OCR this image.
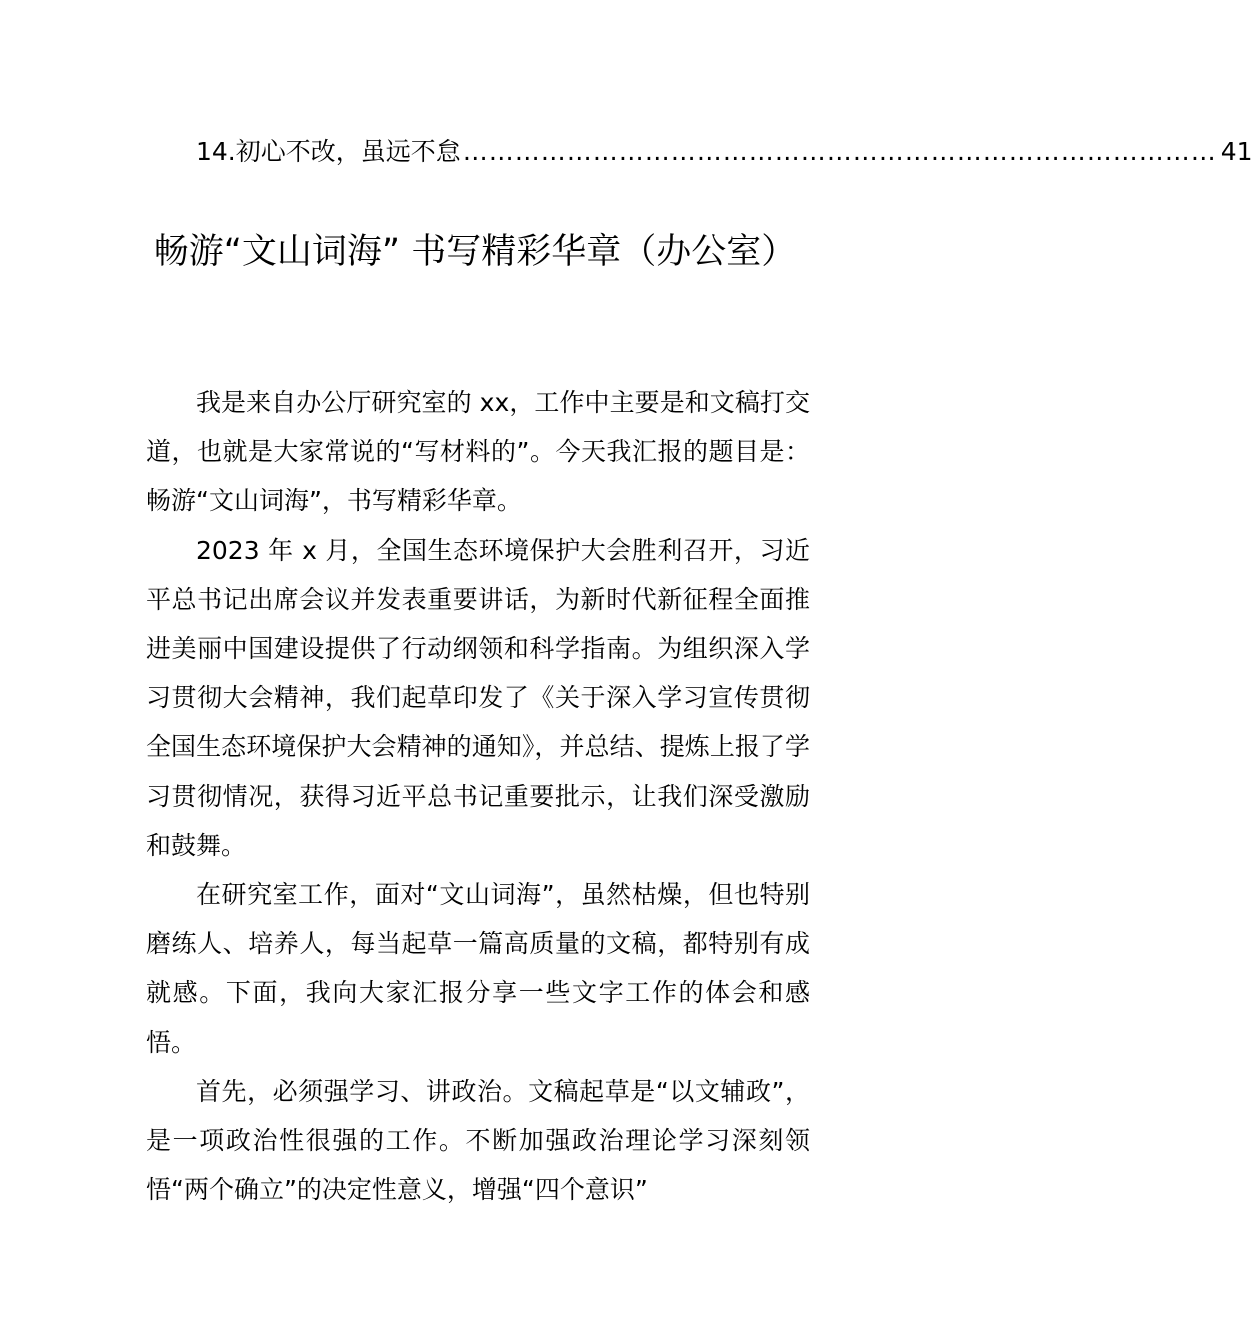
14.初心不改，虽远不怠 …………………………………………………………………………… 41
畅游“文山词海” 书写精彩华章（办公室）

我是来自办公厅研究室的 xx，工作中主要是和文稿打交道，也就是大家常说的“写材料的”。今天我汇报的题目是：畅游“文山词海”，书写精彩华章。

2023 年 x 月，全国生态环境保护大会胜利召开，习近平总书记出席会议并发表重要讲话，为新时代新征程全面推进美丽中国建设提供了行动纲领和科学指南。为组织深入学习贯彻大会精神，我们起草印发了《关于深入学习宣传贯彻全国生态环境保护大会精神的通知》，并总结、提炼上报了学习贯彻情况，获得习近平总书记重要批示，让我们深受激励和鼓舞。

在研究室工作，面对“文山词海”，虽然枯燥，但也特别磨练人、培养人，每当起草一篇高质量的文稿，都特别有成就感。下面，我向大家汇报分享一些文字工作的体会和感悟。

首先，必须强学习、讲政治。文稿起草是“以文辅政”，是一项政治性很强的工作。不断加强政治理论学习深刻领悟“两个确立”的决定性意义，增强“四个意识”
